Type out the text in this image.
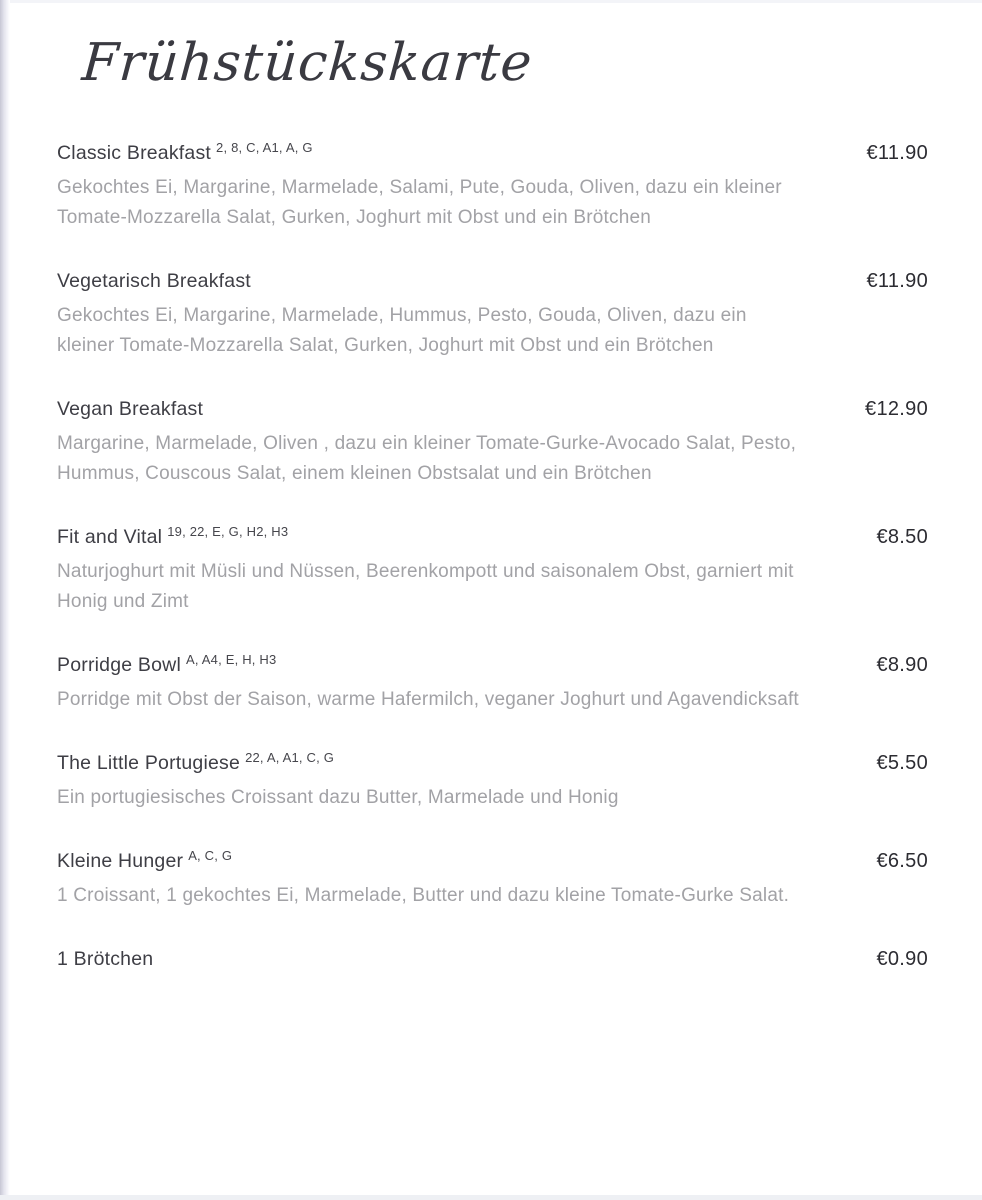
Frühstückskarte
Classic Breakfast $^{2, 8, C, A1, A, G}$	€11.90
Gekochtes Ei, Margarine, Marmelade, Salami, Pute, Gouda, Oliven, dazu ein kleiner Tomate-Mozzarella Salat, Gurken, Joghurt mit Obst und ein Brötchen
Vegetarisch Breakfast	€11.90
Gekochtes Ei, Margarine, Marmelade, Hummus, Pesto, Gouda, Oliven, dazu ein kleiner Tomate-Mozzarella Salat, Gurken, Joghurt mit Obst und ein Brötchen
Vegan Breakfast	€12.90
Margarine, Marmelade, Oliven , dazu ein kleiner Tomate-Gurke-Avocado Salat, Pesto, Hummus, Couscous Salat, einem kleinen Obstsalat und ein Brötchen
Fit and Vital $^{19, 22, E, G, H2, H3}$	€8.50
Naturjoghurt mit Müsli und Nüssen, Beerenkompott und saisonalem Obst, garniert mit Honig und Zimt
Porridge Bowl $^{A, A4, E, H, H3}$	€8.90
Porridge mit Obst der Saison, warme Hafermilch, veganer Joghurt und Agavendicksaft
The Little Portugiese $^{22, A, A1, C, G}$	€5.50
Ein portugiesisches Croissant dazu Butter, Marmelade und Honig
Kleine Hunger $^{A, C, G}$	€6.50
1 Croissant, 1 gekochtes Ei, Marmelade, Butter und dazu kleine Tomate-Gurke Salat.
1 Brötchen	€0.90
